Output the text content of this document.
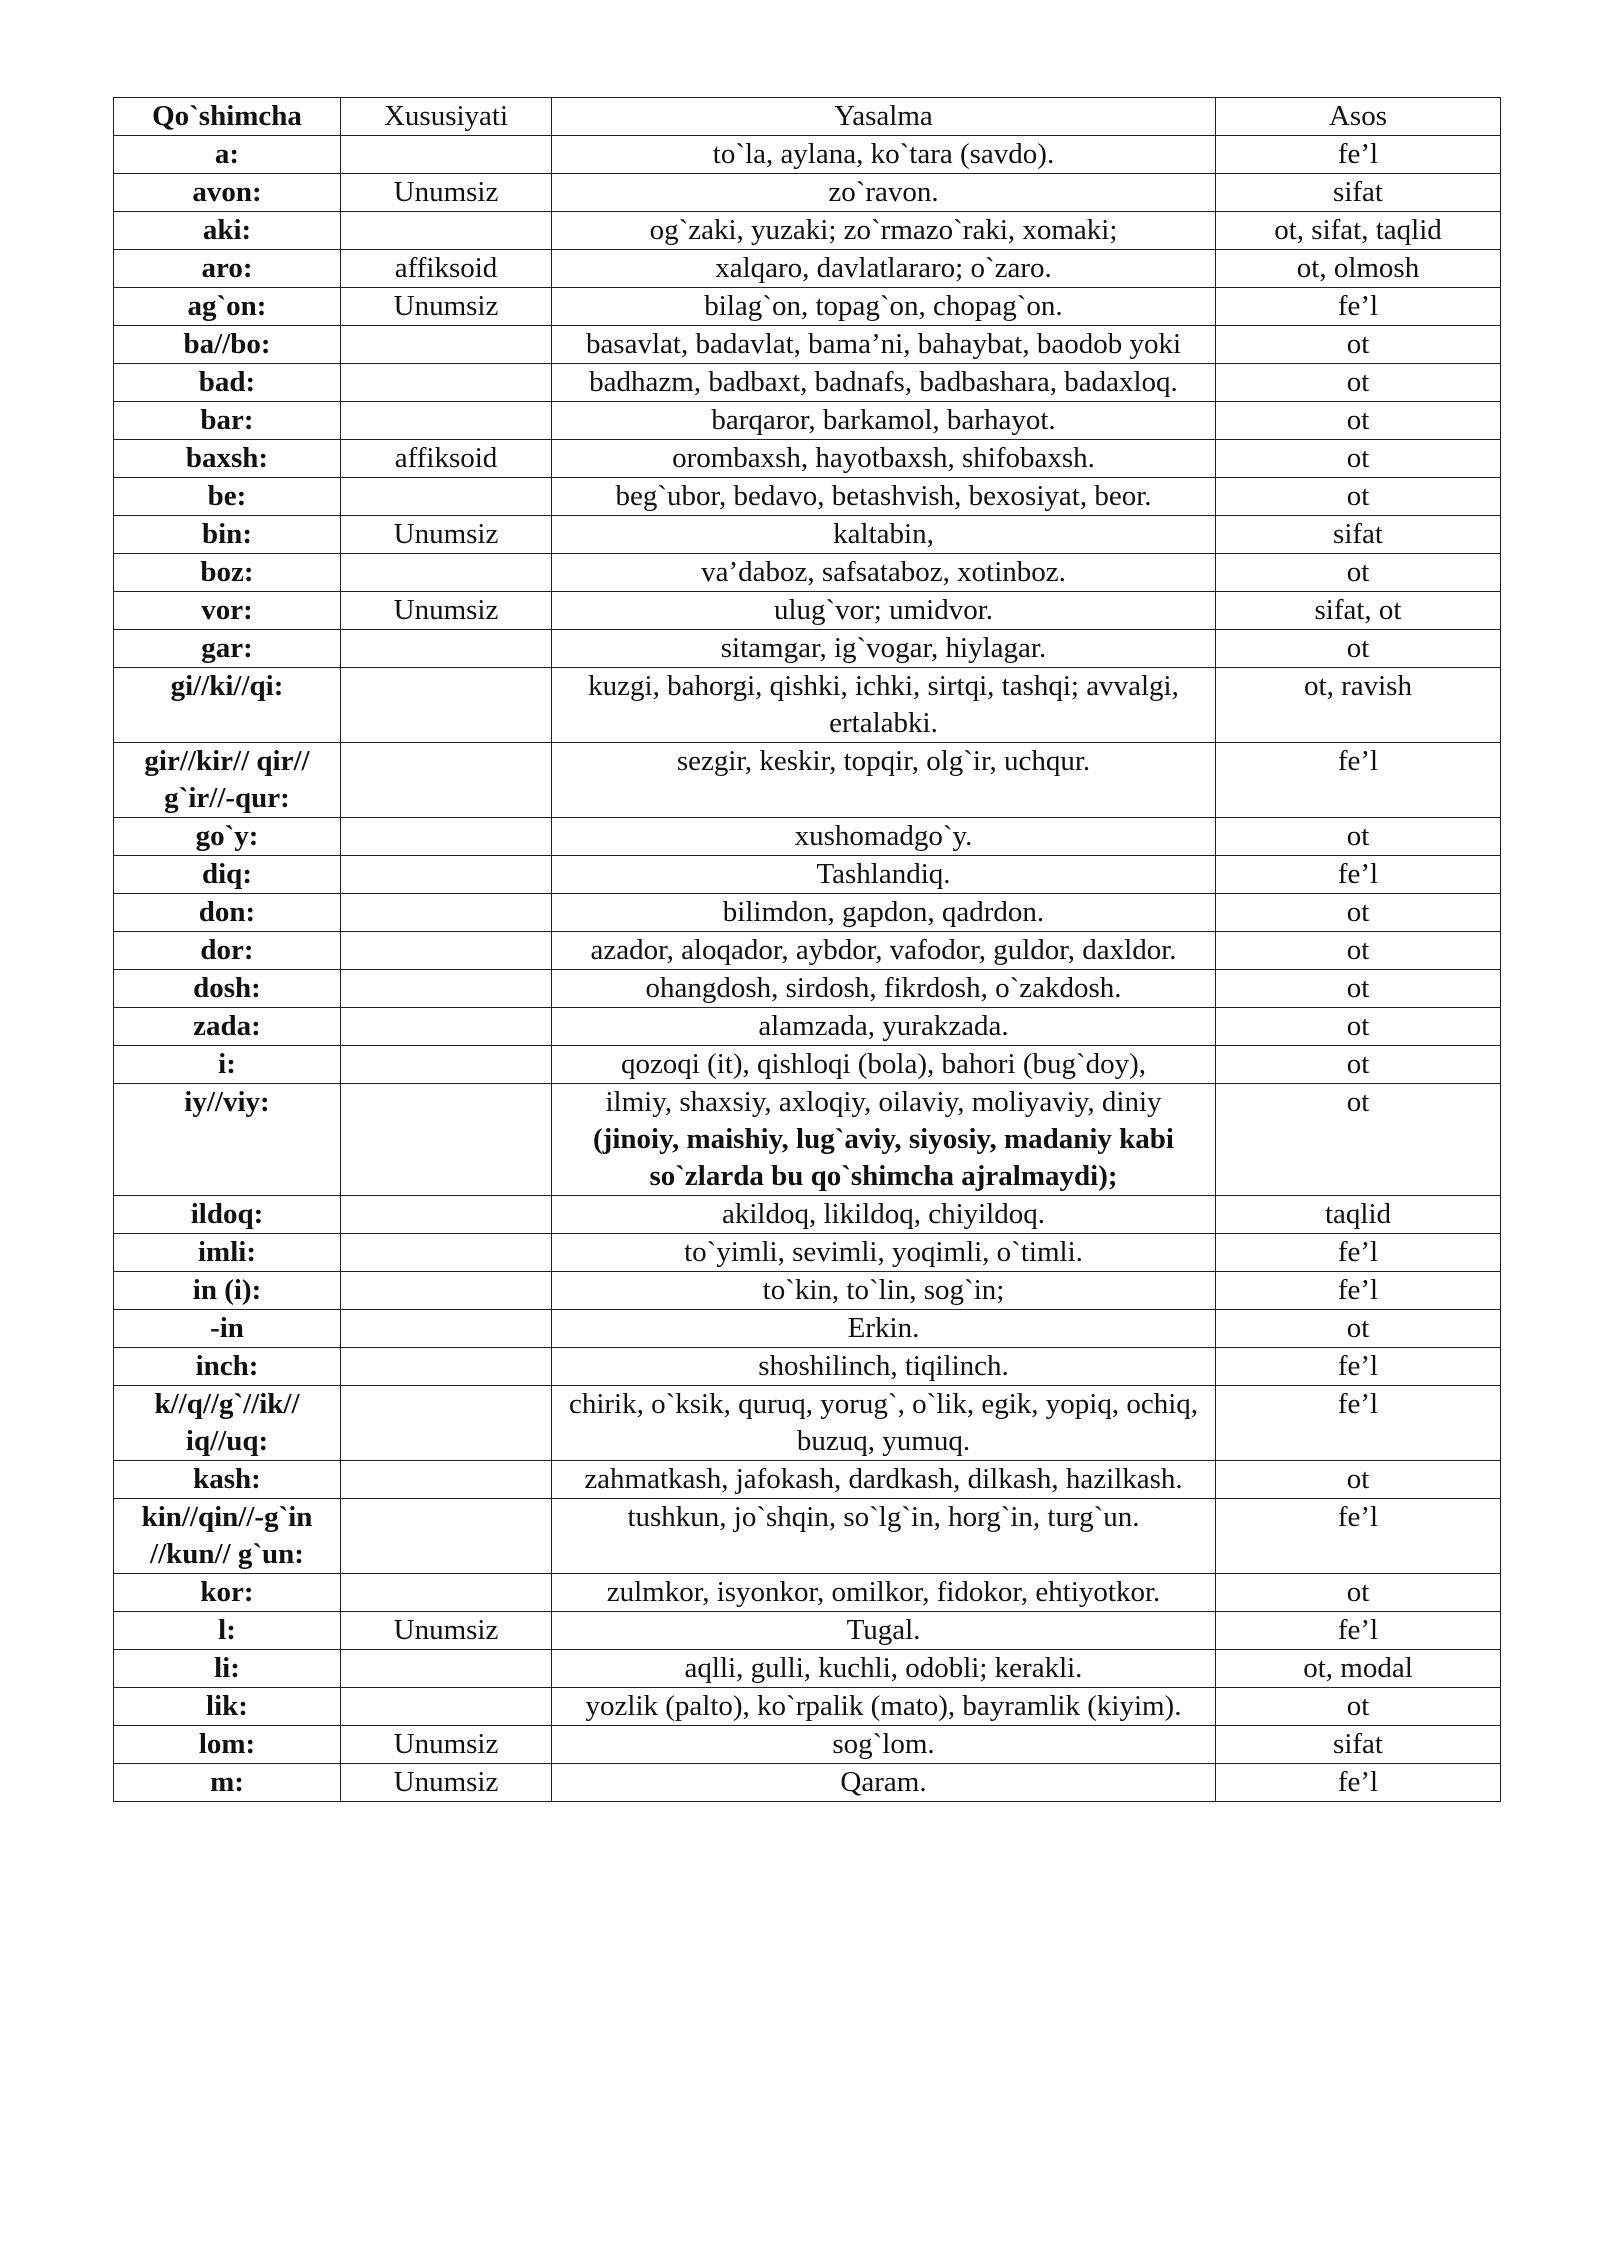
Qo`shimcha	Xususiyati	Yasalma	Asos
a:		to`la, aylana, ko`tara (savdo).	fe’l
avon:	Unumsiz	zo`ravon.	sifat
aki:		og`zaki, yuzaki; zo`rmazo`raki, xomaki;	ot, sifat, taqlid
aro:	affiksoid	xalqaro, davlatlararo; o`zaro.	ot, olmosh
ag`on:	Unumsiz	bilag`on, topag`on, chopag`on.	fe’l
ba//bo:		basavlat, badavlat, bama’ni, bahaybat, baodob yoki	ot
bad:		badhazm, badbaxt, badnafs, badbashara, badaxloq.	ot
bar:		barqaror, barkamol, barhayot.	ot
baxsh:	affiksoid	orombaxsh, hayotbaxsh, shifobaxsh.	ot
be:		beg`ubor, bedavo, betashvish, bexosiyat, beor.	ot
bin:	Unumsiz	kaltabin,	sifat
boz:		va’daboz, safsataboz, xotinboz.	ot
vor:	Unumsiz	ulug`vor; umidvor.	sifat, ot
gar:		sitamgar, ig`vogar, hiylagar.	ot
gi//ki//qi:		kuzgi, bahorgi, qishki, ichki, sirtqi, tashqi; avvalgi, ertalabki.	ot, ravish
gir//kir// qir// g`ir//-qur:		sezgir, keskir, topqir, olg`ir, uchqur.	fe’l
go`y:		xushomadgo`y.	ot
diq:		Tashlandiq.	fe’l
don:		bilimdon, gapdon, qadrdon.	ot
dor:		azador, aloqador, aybdor, vafodor, guldor, daxldor.	ot
dosh:		ohangdosh, sirdosh, fikrdosh, o`zakdosh.	ot
zada:		alamzada, yurakzada.	ot
i:		qozoqi (it), qishloqi (bola), bahori (bug`doy),	ot
iy//viy:		ilmiy, shaxsiy, axloqiy, oilaviy, moliyaviy, diniy (jinoiy, maishiy, lug`aviy, siyosiy, madaniy kabi so`zlarda bu qo`shimcha ajralmaydi);	ot
ildoq:		akildoq, likildoq, chiyildoq.	taqlid
imli:		to`yimli, sevimli, yoqimli, o`timli.	fe’l
in (i):		to`kin, to`lin, sog`in;	fe’l
-in		Erkin.	ot
inch:		shoshilinch, tiqilinch.	fe’l
k//q//g`//ik// iq//uq:		chirik, o`ksik, quruq, yorug`, o`lik, egik, yopiq, ochiq, buzuq, yumuq.	fe’l
kash:		zahmatkash, jafokash, dardkash, dilkash, hazilkash.	ot
kin//qin//-g`in //kun// g`un:		tushkun, jo`shqin, so`lg`in, horg`in, turg`un.	fe’l
kor:		zulmkor, isyonkor, omilkor, fidokor, ehtiyotkor.	ot
l:	Unumsiz	Tugal.	fe’l
li:		aqlli, gulli, kuchli, odobli; kerakli.	ot, modal
lik:		yozlik (palto), ko`rpalik (mato), bayramlik (kiyim).	ot
lom:	Unumsiz	sog`lom.	sifat
m:	Unumsiz	Qaram.	fe’l
